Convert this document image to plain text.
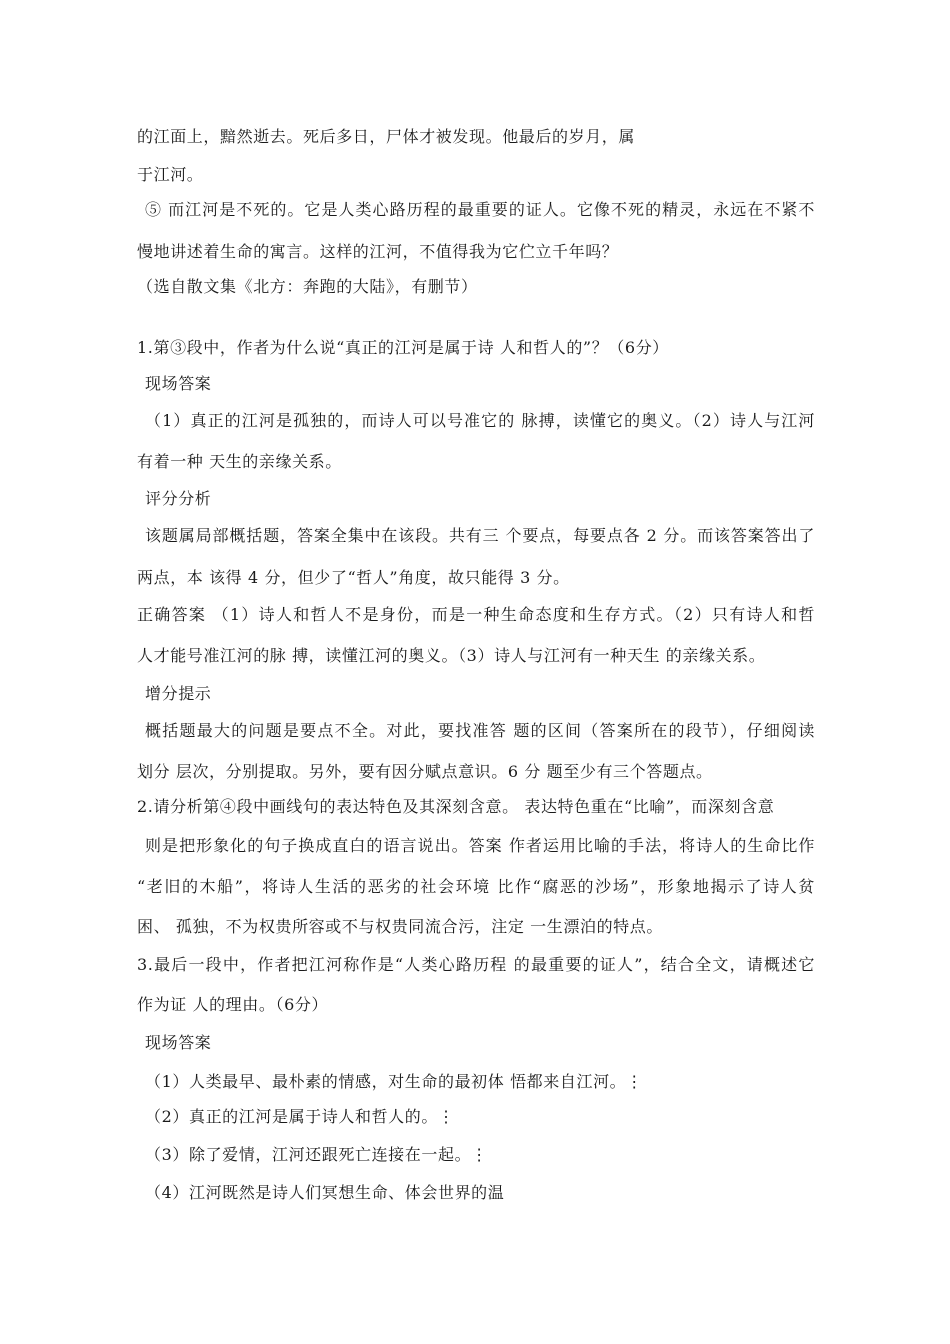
的江面上，黯然逝去。死后多日，尸体才被发现。他最后的岁月，属
于江河。
⑤ 而江河是不死的。它是人类心路历程的最重要的证人。它像不死的精灵，永远在不紧不
慢地讲述着生命的寓言。这样的江河，不值得我为它伫立千年吗？
（选自散文集《北方：奔跑的大陆》，有删节）
1.第③段中，作者为什么说“真正的江河是属于诗 人和哲人的”？（6分）
现场答案
（1）真正的江河是孤独的，而诗人可以号准它的 脉搏，读懂它的奥义。（2）诗人与江河
有着一种 天生的亲缘关系。
评分分析
该题属局部概括题，答案全集中在该段。共有三 个要点，每要点各 2 分。而该答案答出了
两点，本 该得 4 分，但少了“哲人”角度，故只能得 3 分。
正确答案 （1）诗人和哲人不是身份，而是一种生命态度和生存方式。（2）只有诗人和哲
人才能号准江河的脉 搏，读懂江河的奥义。（3）诗人与江河有一种天生 的亲缘关系。
增分提示
概括题最大的问题是要点不全。对此，要找准答 题的区间（答案所在的段节），仔细阅读
划分 层次，分别提取。另外，要有因分赋点意识。6 分 题至少有三个答题点。
2.请分析第④段中画线句的表达特色及其深刻含意。 表达特色重在“比喻”，而深刻含意
则是把形象化的句子换成直白的语言说出。答案 作者运用比喻的手法，将诗人的生命比作
“老旧的木船”，将诗人生活的恶劣的社会环境 比作“腐恶的沙场”，形象地揭示了诗人贫
困、 孤独，不为权贵所容或不与权贵同流合污，注定 一生漂泊的特点。
3.最后一段中，作者把江河称作是“人类心路历程 的最重要的证人”，结合全文，请概述它
作为证 人的理由。（6分）
现场答案
（1）人类最早、最朴素的情感，对生命的最初体 悟都来自江河。⋮
（2）真正的江河是属于诗人和哲人的。⋮
（3）除了爱情，江河还跟死亡连接在一起。⋮
（4）江河既然是诗人们冥想生命、体会世界的温
